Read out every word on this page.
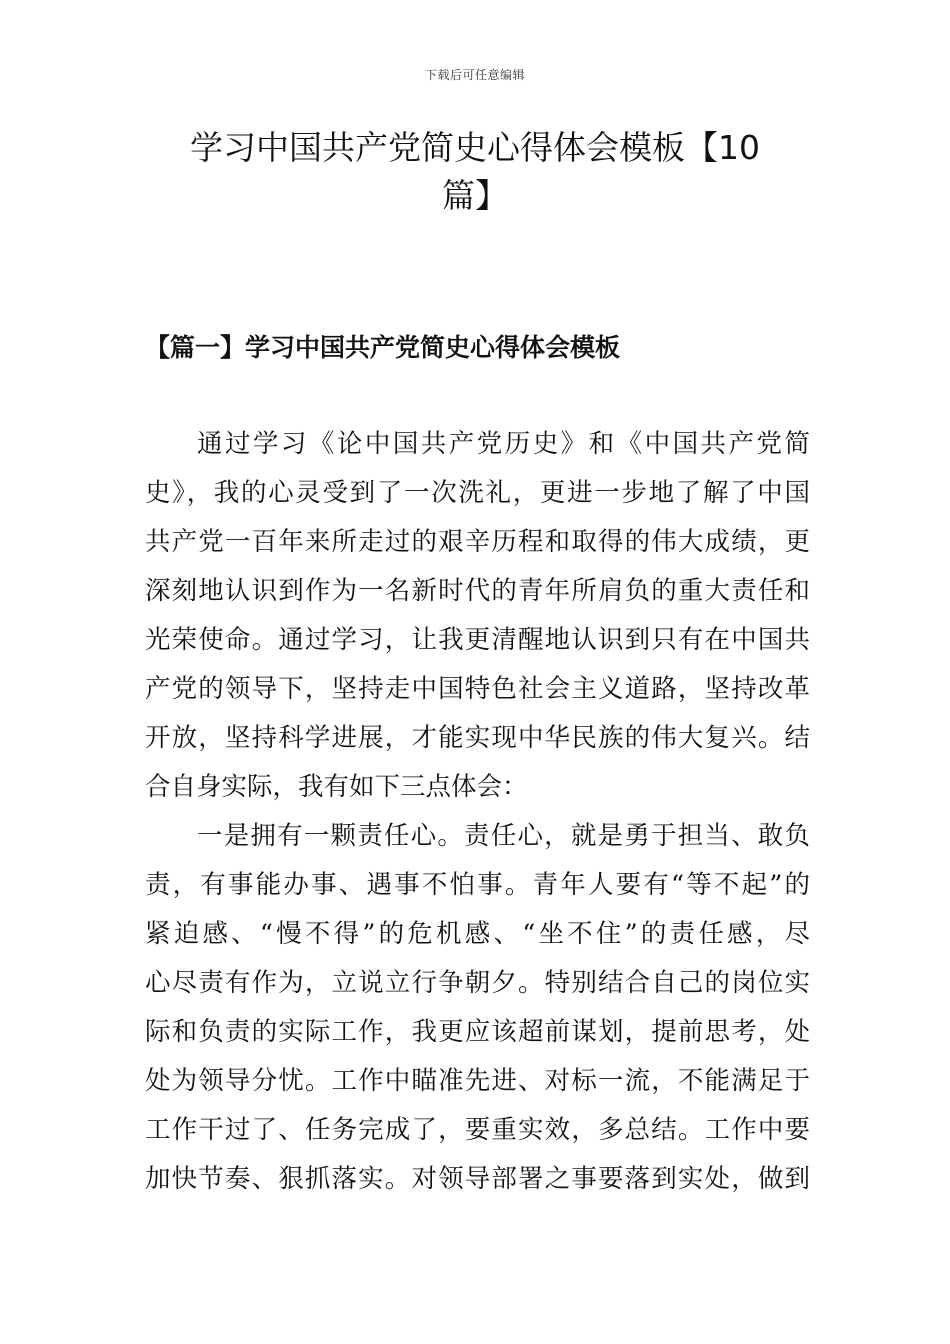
下载后可任意编辑
学习中国共产党简史心得体会模板【10
篇】
【篇一】学习中国共产党简史心得体会模板
通过学习《论中国共产党历史》和《中国共产党简
史》，我的心灵受到了一次洗礼，更进一步地了解了中国
共产党一百年来所走过的艰辛历程和取得的伟大成绩，更
深刻地认识到作为一名新时代的青年所肩负的重大责任和
光荣使命。通过学习，让我更清醒地认识到只有在中国共
产党的领导下，坚持走中国特色社会主义道路，坚持改革
开放，坚持科学进展，才能实现中华民族的伟大复兴。结
合自身实际，我有如下三点体会：
一是拥有一颗责任心。责任心，就是勇于担当、敢负
责，有事能办事、遇事不怕事。青年人要有“等不起”的
紧迫感、“慢不得”的危机感、“坐不住”的责任感，尽
心尽责有作为，立说立行争朝夕。特别结合自己的岗位实
际和负责的实际工作，我更应该超前谋划，提前思考，处
处为领导分忧。工作中瞄准先进、对标一流，不能满足于
工作干过了、任务完成了，要重实效，多总结。工作中要
加快节奏、狠抓落实。对领导部署之事要落到实处，做到
